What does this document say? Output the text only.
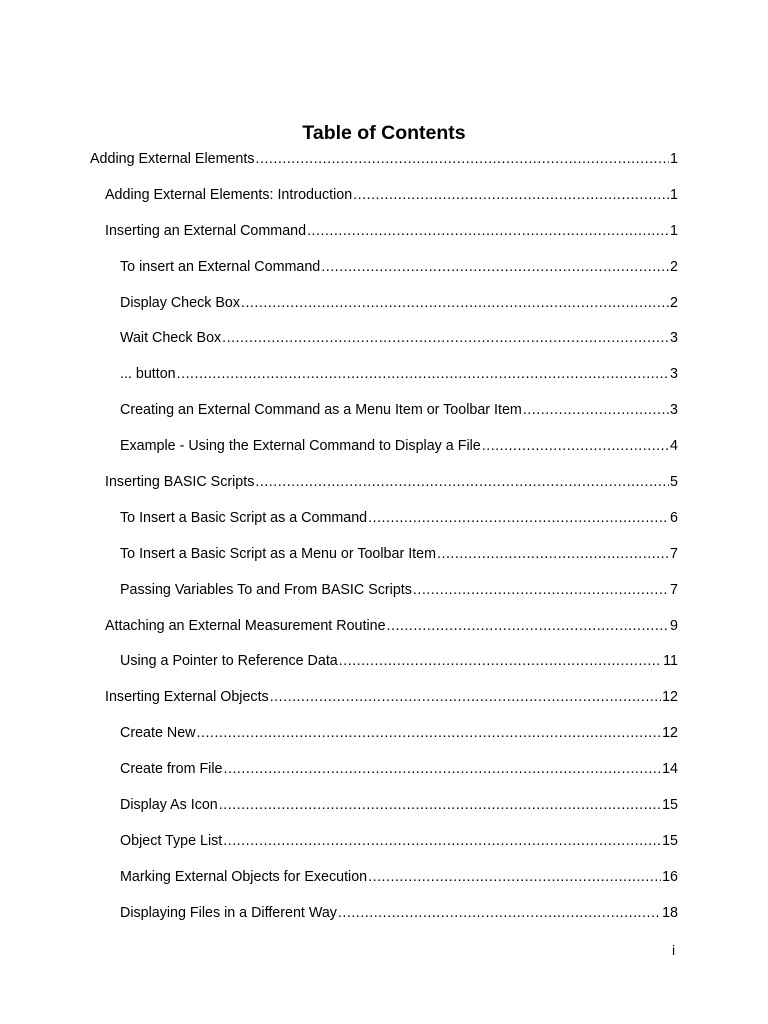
Table of Contents
Adding External Elements .....	1
Adding External Elements: Introduction .....	1
Inserting an External Command .....	1
To insert an External Command .....	2
Display Check Box .....	2
Wait Check Box .....	3
... button .....	3
Creating an External Command as a Menu Item or Toolbar Item .....	3
Example - Using the External Command to Display a File .....	4
Inserting BASIC Scripts .....	5
To Insert a Basic Script as a Command .....	6
To Insert a Basic Script as a Menu or Toolbar Item .....	7
Passing Variables To and From BASIC Scripts .....	7
Attaching an External Measurement Routine .....	9
Using a Pointer to Reference Data .....	11
Inserting External Objects .....	12
Create New .....	12
Create from File .....	14
Display As Icon .....	15
Object Type List .....	15
Marking External Objects for Execution .....	16
Displaying Files in a Different Way .....	18
i
